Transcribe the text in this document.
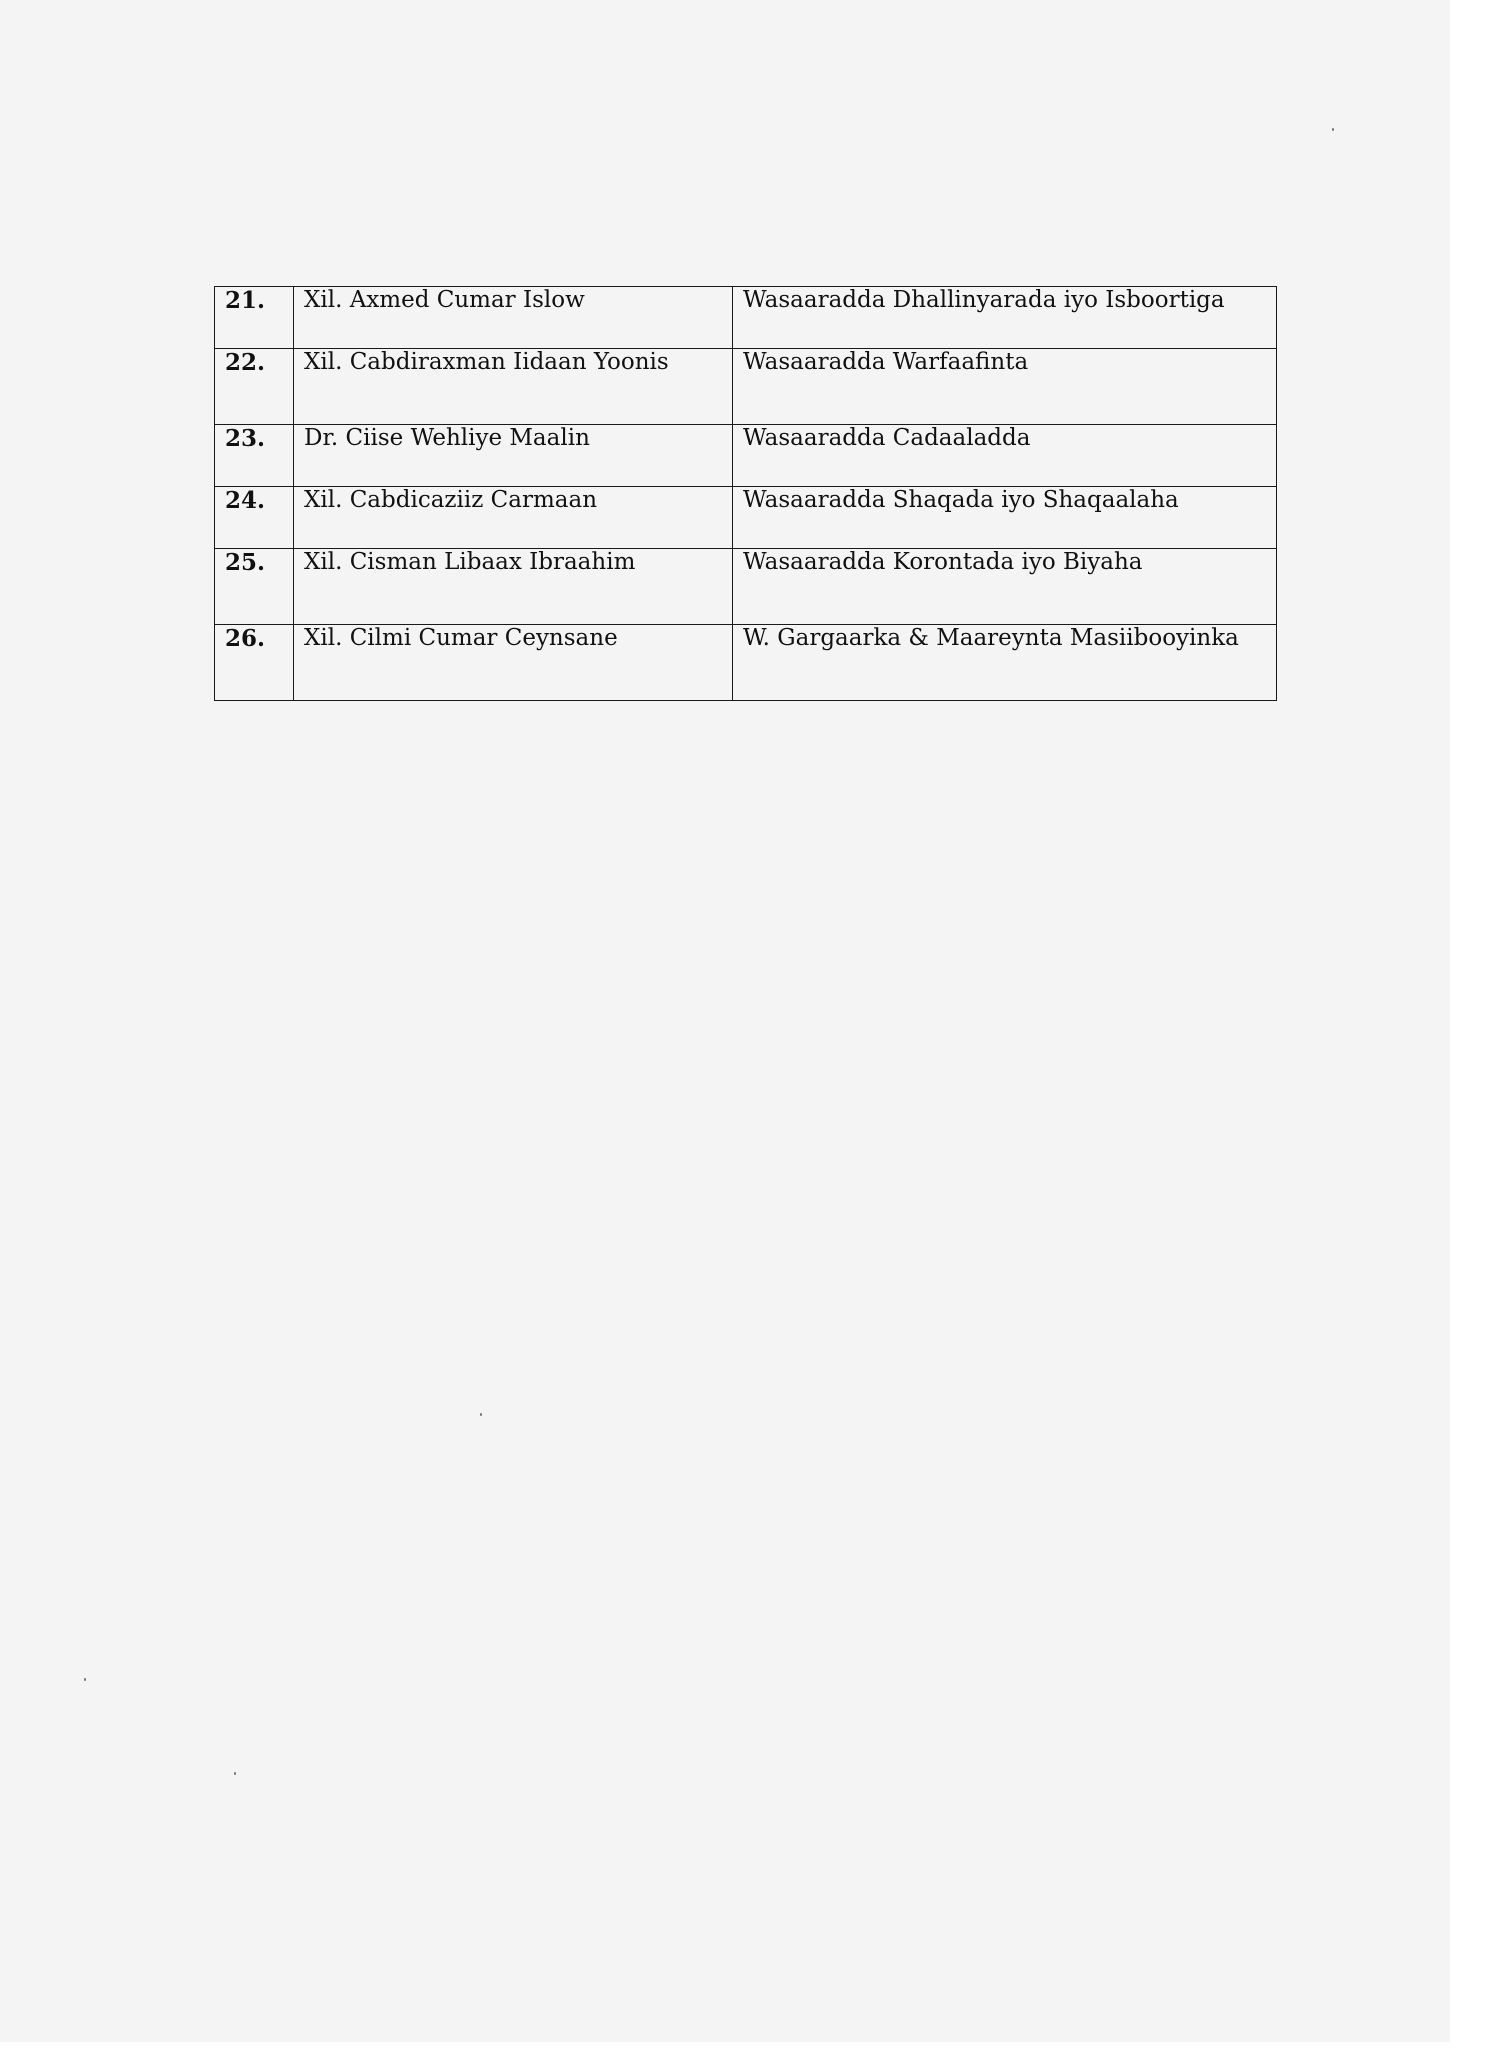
21.	Xil. Axmed Cumar Islow	Wasaaradda Dhallinyarada iyo Isboortiga
22.	Xil. Cabdiraxman Iidaan Yoonis	Wasaaradda Warfaafinta
23.	Dr. Ciise Wehliye Maalin	Wasaaradda Cadaaladda
24.	Xil. Cabdicaziiz Carmaan	Wasaaradda Shaqada iyo Shaqaalaha
25.	Xil. Cisman Libaax Ibraahim	Wasaaradda Korontada iyo Biyaha
26.	Xil. Cilmi Cumar Ceynsane	W. Gargaarka & Maareynta Masiibooyinka
